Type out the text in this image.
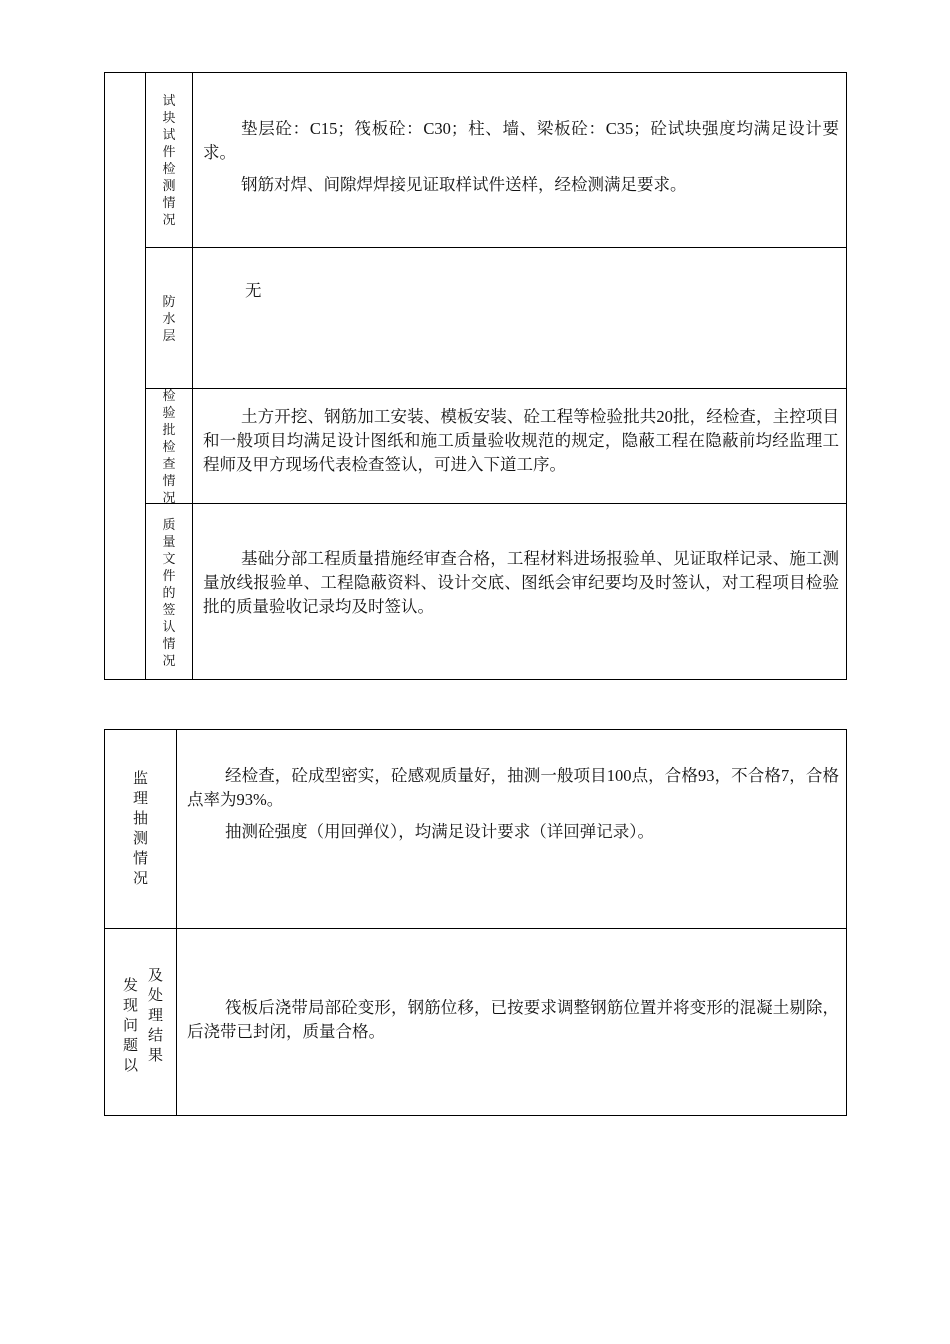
试
块
试
件
检
测
情
况

垫层砼：C15；筏板砼：C30；柱、墙、梁板砼：C35；砼试块强度均满足设计要求。

钢筋对焊、间隙焊焊接见证取样试件送样，经检测满足要求。

防
水
层

无

检
验
批
检
查
情
况

土方开挖、钢筋加工安装、模板安装、砼工程等检验批共20批，经检查，主控项目和一般项目均满足设计图纸和施工质量验收规范的规定，隐蔽工程在隐蔽前均经监理工程师及甲方现场代表检查签认，可进入下道工序。

质
量
文
件
的
签
认
情
况

基础分部工程质量措施经审查合格，工程材料进场报验单、见证取样记录、施工测量放线报验单、工程隐蔽资料、设计交底、图纸会审纪要均及时签认，对工程项目检验批的质量验收记录均及时签认。

监
理
抽
测
情
况

经检查，砼成型密实，砼感观质量好，抽测一般项目100点，合格93，不合格7，合格点率为93%。

抽测砼强度（用回弹仪），均满足设计要求（详回弹记录）。

发
现
问
题
以
及
处
理
结
果

筏板后浇带局部砼变形，钢筋位移，已按要求调整钢筋位置并将变形的混凝土剔除，后浇带已封闭，质量合格。
